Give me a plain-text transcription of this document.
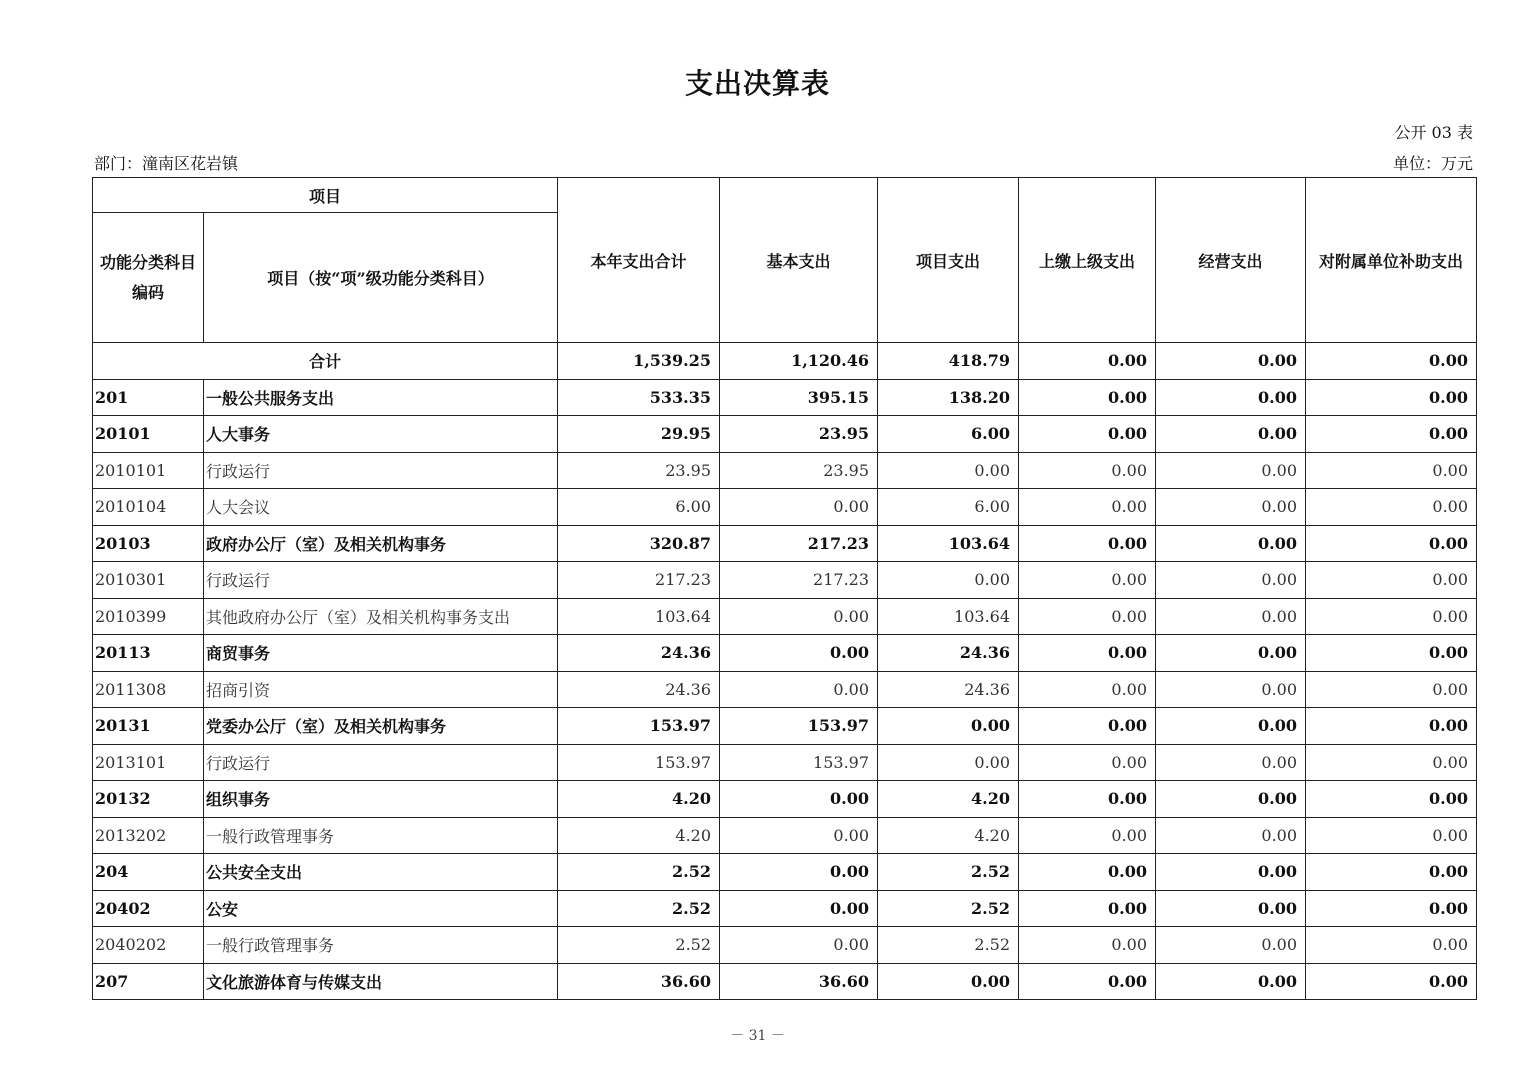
支出决算表
公开 03 表
部门：潼南区花岩镇	单位：万元
项目		本年支出合计	基本支出	项目支出	上缴上级支出	经营支出	对附属单位补助支出
功能分类科目编码	项目（按“项”级功能分类科目）						
合计		1,539.25	1,120.46	418.79	0.00	0.00	0.00
201	一般公共服务支出	533.35	395.15	138.20	0.00	0.00	0.00
20101	人大事务	29.95	23.95	6.00	0.00	0.00	0.00
2010101	行政运行	23.95	23.95	0.00	0.00	0.00	0.00
2010104	人大会议	6.00	0.00	6.00	0.00	0.00	0.00
20103	政府办公厅（室）及相关机构事务	320.87	217.23	103.64	0.00	0.00	0.00
2010301	行政运行	217.23	217.23	0.00	0.00	0.00	0.00
2010399	其他政府办公厅（室）及相关机构事务支出	103.64	0.00	103.64	0.00	0.00	0.00
20113	商贸事务	24.36	0.00	24.36	0.00	0.00	0.00
2011308	招商引资	24.36	0.00	24.36	0.00	0.00	0.00
20131	党委办公厅（室）及相关机构事务	153.97	153.97	0.00	0.00	0.00	0.00
2013101	行政运行	153.97	153.97	0.00	0.00	0.00	0.00
20132	组织事务	4.20	0.00	4.20	0.00	0.00	0.00
2013202	一般行政管理事务	4.20	0.00	4.20	0.00	0.00	0.00
204	公共安全支出	2.52	0.00	2.52	0.00	0.00	0.00
20402	公安	2.52	0.00	2.52	0.00	0.00	0.00
2040202	一般行政管理事务	2.52	0.00	2.52	0.00	0.00	0.00
207	文化旅游体育与传媒支出	36.60	36.60	0.00	0.00	0.00	0.00
－ 31 －
